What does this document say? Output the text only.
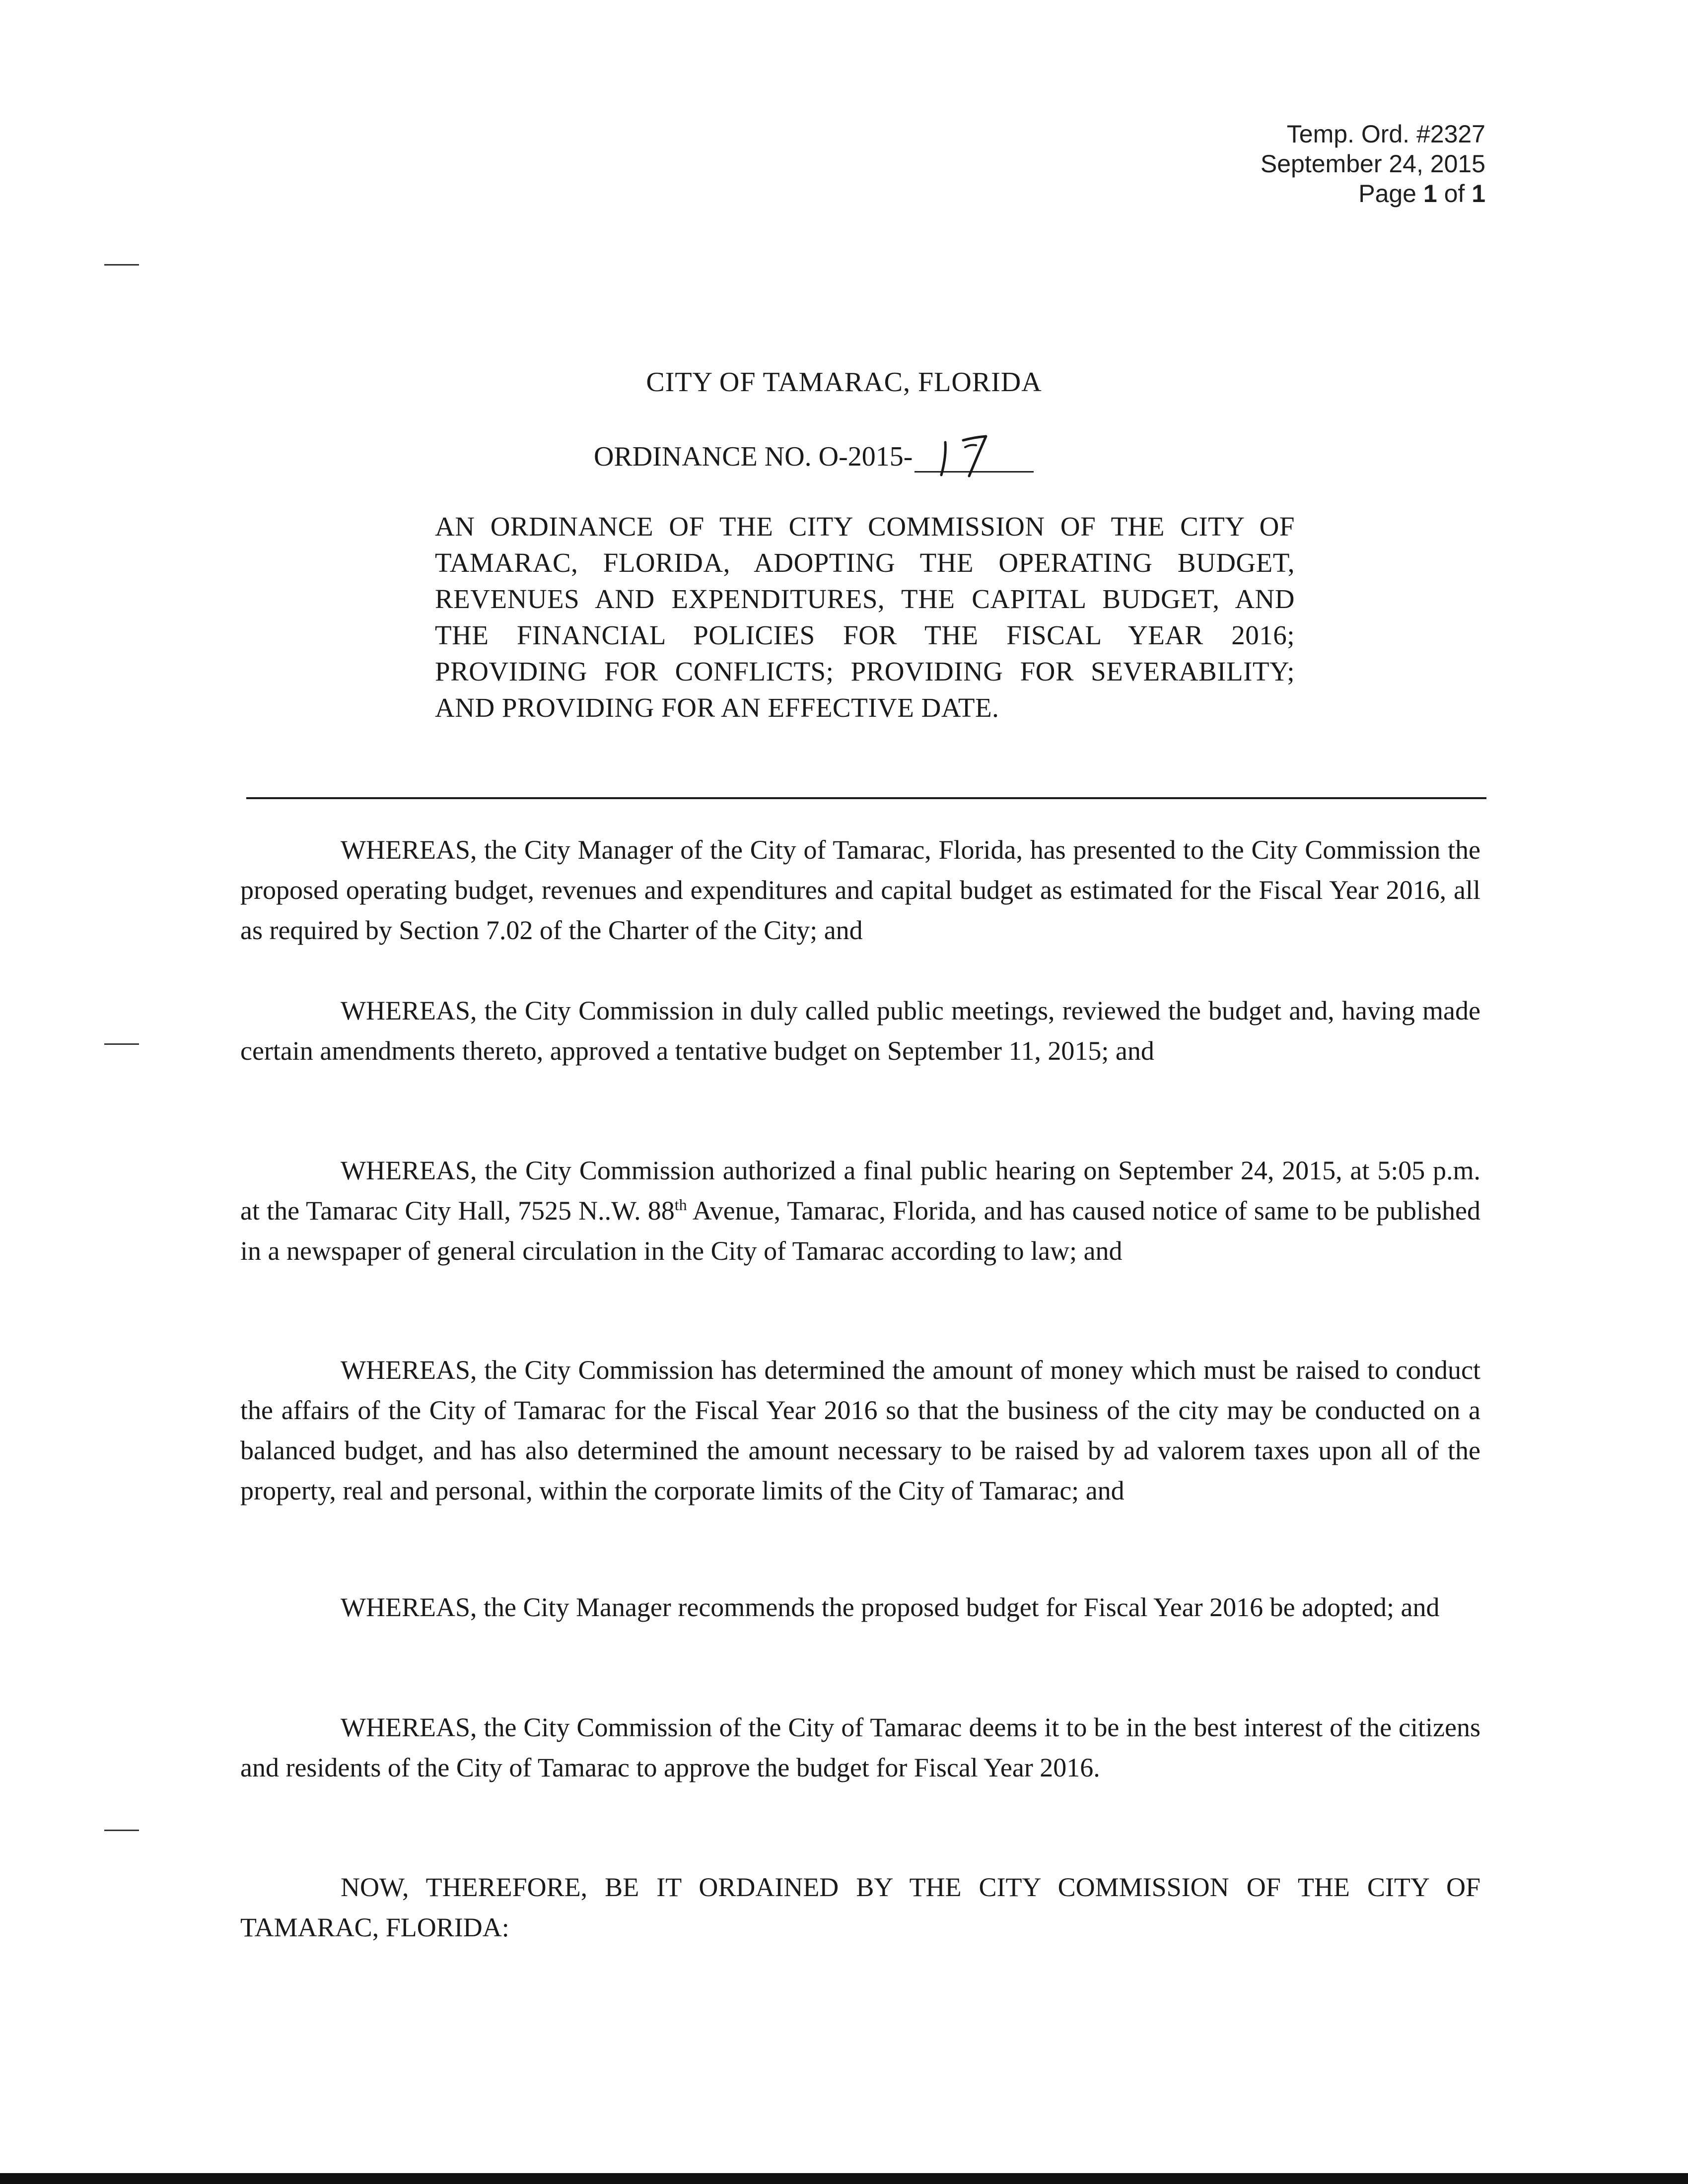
Temp. Ord. #2327
September 24, 2015
Page 1 of 1
CITY OF TAMARAC, FLORIDA
ORDINANCE NO. O-2015-
AN ORDINANCE OF THE CITY COMMISSION OF THE CITY OF TAMARAC, FLORIDA, ADOPTING THE OPERATING BUDGET, REVENUES AND EXPENDITURES, THE CAPITAL BUDGET, AND THE FINANCIAL POLICIES FOR THE FISCAL YEAR 2016; PROVIDING FOR CONFLICTS; PROVIDING FOR SEVERABILITY; AND PROVIDING FOR AN EFFECTIVE DATE.

WHEREAS, the City Manager of the City of Tamarac, Florida, has presented to the City Commission the proposed operating budget, revenues and expenditures and capital budget as estimated for the Fiscal Year 2016, all as required by Section 7.02 of the Charter of the City; and

WHEREAS, the City Commission in duly called public meetings, reviewed the budget and, having made certain amendments thereto, approved a tentative budget on September 11, 2015; and

WHEREAS, the City Commission authorized a final public hearing on September 24, 2015, at 5:05 p.m. at the Tamarac City Hall, 7525 N..W. 88th Avenue, Tamarac, Florida, and has caused notice of same to be published in a newspaper of general circulation in the City of Tamarac according to law; and

WHEREAS, the City Commission has determined the amount of money which must be raised to conduct the affairs of the City of Tamarac for the Fiscal Year 2016 so that the business of the city may be conducted on a balanced budget, and has also determined the amount necessary to be raised by ad valorem taxes upon all of the property, real and personal, within the corporate limits of the City of Tamarac; and

WHEREAS, the City Manager recommends the proposed budget for Fiscal Year 2016 be adopted; and

WHEREAS, the City Commission of the City of Tamarac deems it to be in the best interest of the citizens and residents of the City of Tamarac to approve the budget for Fiscal Year 2016.

NOW, THEREFORE, BE IT ORDAINED BY THE CITY COMMISSION OF THE CITY OF TAMARAC, FLORIDA:
